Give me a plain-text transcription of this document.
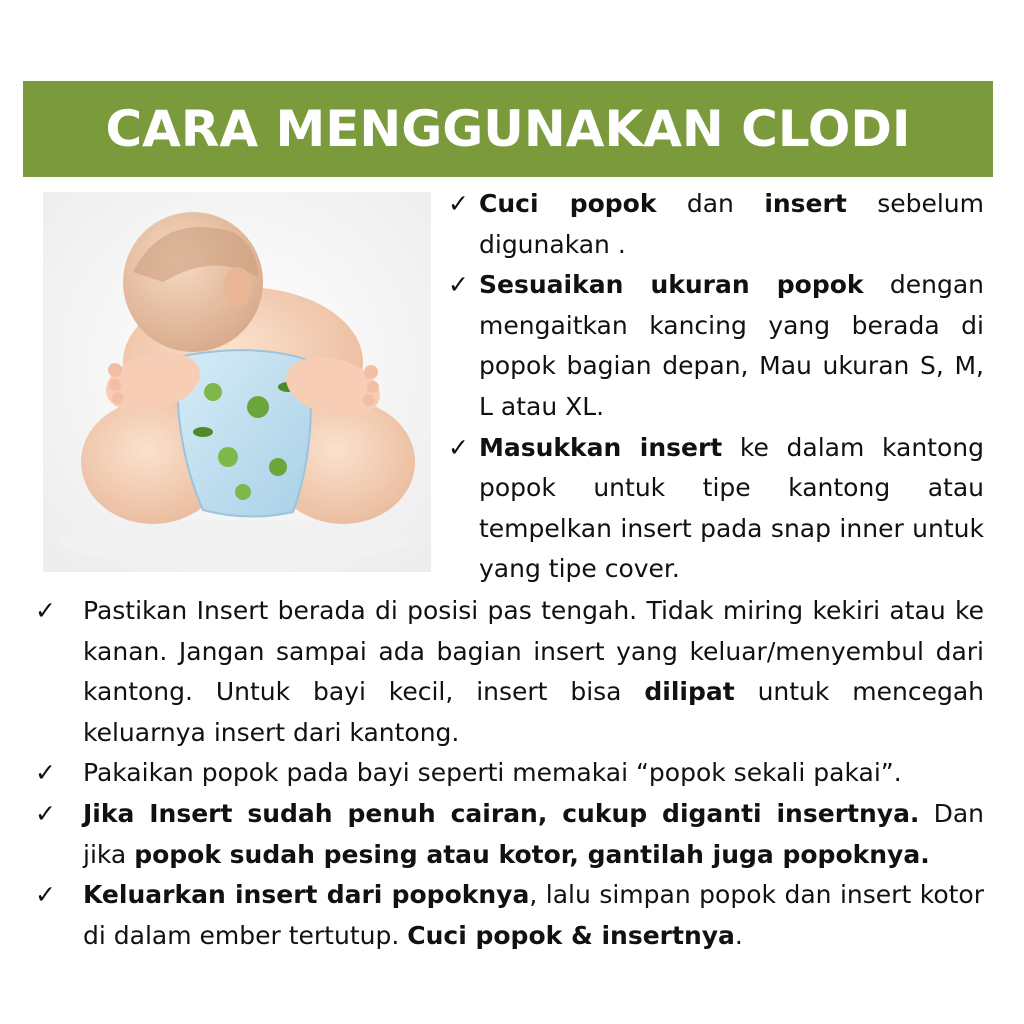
CARA MENGGUNAKAN CLODI
✓ Cuci popok dan insert sebelum digunakan .
✓ Sesuaikan ukuran popok dengan mengaitkan kancing yang berada di popok bagian depan, Mau ukuran S, M, L atau XL.
✓ Masukkan insert ke dalam kantong popok untuk tipe kantong atau tempelkan insert pada snap inner untuk yang tipe cover.
✓ Pastikan Insert berada di posisi pas tengah. Tidak miring kekiri atau ke kanan. Jangan sampai ada bagian insert yang keluar/menyembul dari kantong. Untuk bayi kecil, insert bisa dilipat untuk mencegah keluarnya insert dari kantong.
✓ Pakaikan popok pada bayi seperti memakai “popok sekali pakai”.
✓ Jika Insert sudah penuh cairan, cukup diganti insertnya. Dan jika popok sudah pesing atau kotor, gantilah juga popoknya.
✓ Keluarkan insert dari popoknya, lalu simpan popok dan insert kotor di dalam ember tertutup. Cuci popok & insertnya.
